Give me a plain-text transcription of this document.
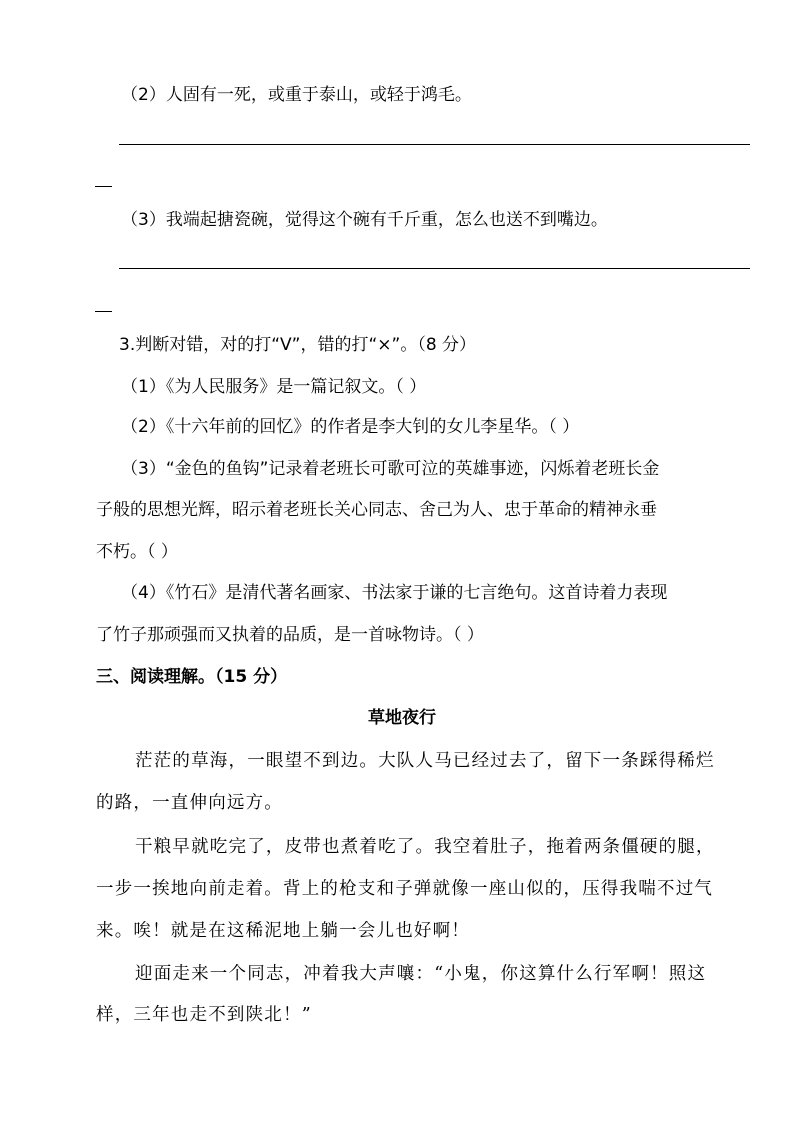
（2）人固有一死，或重于泰山，或轻于鸿毛。
（3）我端起搪瓷碗，觉得这个碗有千斤重，怎么也送不到嘴边。
3.判断对错，对的打“V”，错的打“×”。（8 分）
（1）《为人民服务》是一篇记叙文。（ ）
（2）《十六年前的回忆》的作者是李大钊的女儿李星华。（ ）
（3）“金色的鱼钩”记录着老班长可歌可泣的英雄事迹，闪烁着老班长金
子般的思想光辉，昭示着老班长关心同志、舍己为人、忠于革命的精神永垂
不朽。（ ）
（4）《竹石》是清代著名画家、书法家于谦的七言绝句。这首诗着力表现
了竹子那顽强而又执着的品质，是一首咏物诗。（ ）
三、阅读理解。（15 分）
草地夜行
茫茫的草海，一眼望不到边。大队人马已经过去了，留下一条踩得稀烂
的路，一直伸向远方。
干粮早就吃完了，皮带也煮着吃了。我空着肚子，拖着两条僵硬的腿，
一步一挨地向前走着。背上的枪支和子弹就像一座山似的，压得我喘不过气
来。唉！就是在这稀泥地上躺一会儿也好啊！
迎面走来一个同志，冲着我大声嚷：“小鬼，你这算什么行军啊！照这
样，三年也走不到陕北！”
